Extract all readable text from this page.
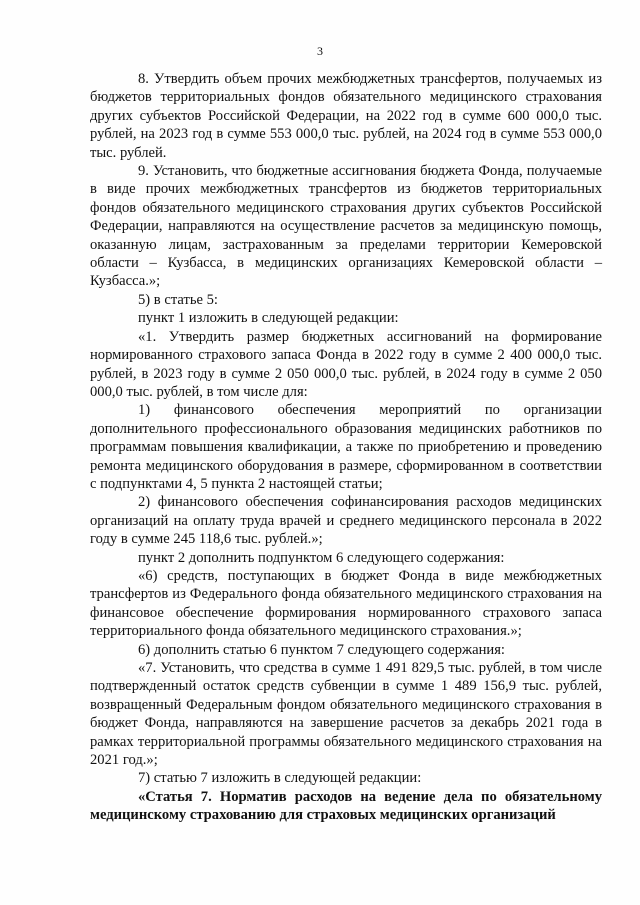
3

8. Утвердить объем прочих межбюджетных трансфертов, получаемых из бюджетов территориальных фондов обязательного медицинского страхования других субъектов Российской Федерации, на 2022 год в сумме 600 000,0 тыс. рублей, на 2023 год в сумме 553 000,0 тыс. рублей, на 2024 год в сумме 553 000,0 тыс. рублей.

9. Установить, что бюджетные ассигнования бюджета Фонда, получаемые в виде прочих межбюджетных трансфертов из бюджетов территориальных фондов обязательного медицинского страхования других субъектов Российской Федерации, направляются на осуществление расчетов за медицинскую помощь, оказанную лицам, застрахованным за пределами территории Кемеровской области – Кузбасса, в медицинских организациях Кемеровской области – Кузбасса.»;

5) в статье 5:

пункт 1 изложить в следующей редакции:

«1. Утвердить размер бюджетных ассигнований на формирование нормированного страхового запаса Фонда в 2022 году в сумме 2 400 000,0 тыс. рублей, в 2023 году в сумме 2 050 000,0 тыс. рублей, в 2024 году в сумме 2 050 000,0 тыс. рублей, в том числе для:

1) финансового обеспечения мероприятий по организации дополнительного профессионального образования медицинских работников по программам повышения квалификации, а также по приобретению и проведению ремонта медицинского оборудования в размере, сформированном в соответствии с подпунктами 4, 5 пункта 2 настоящей статьи;

2) финансового обеспечения софинансирования расходов медицинских организаций на оплату труда врачей и среднего медицинского персонала в 2022 году в сумме 245 118,6 тыс. рублей.»;

пункт 2 дополнить подпунктом 6 следующего содержания:

«6) средств, поступающих в бюджет Фонда в виде межбюджетных трансфертов из Федерального фонда обязательного медицинского страхования на финансовое обеспечение формирования нормированного страхового запаса территориального фонда обязательного медицинского страхования.»;

6) дополнить статью 6 пунктом 7 следующего содержания:

«7. Установить, что средства в сумме 1 491 829,5 тыс. рублей, в том числе подтвержденный остаток средств субвенции в сумме 1 489 156,9 тыс. рублей, возвращенный Федеральным фондом обязательного медицинского страхования в бюджет Фонда, направляются на завершение расчетов за декабрь 2021 года в рамках территориальной программы обязательного медицинского страхования на 2021 год.»;

7) статью 7 изложить в следующей редакции:

«Статья 7. Норматив расходов на ведение дела по обязательному медицинскому страхованию для страховых медицинских организаций
